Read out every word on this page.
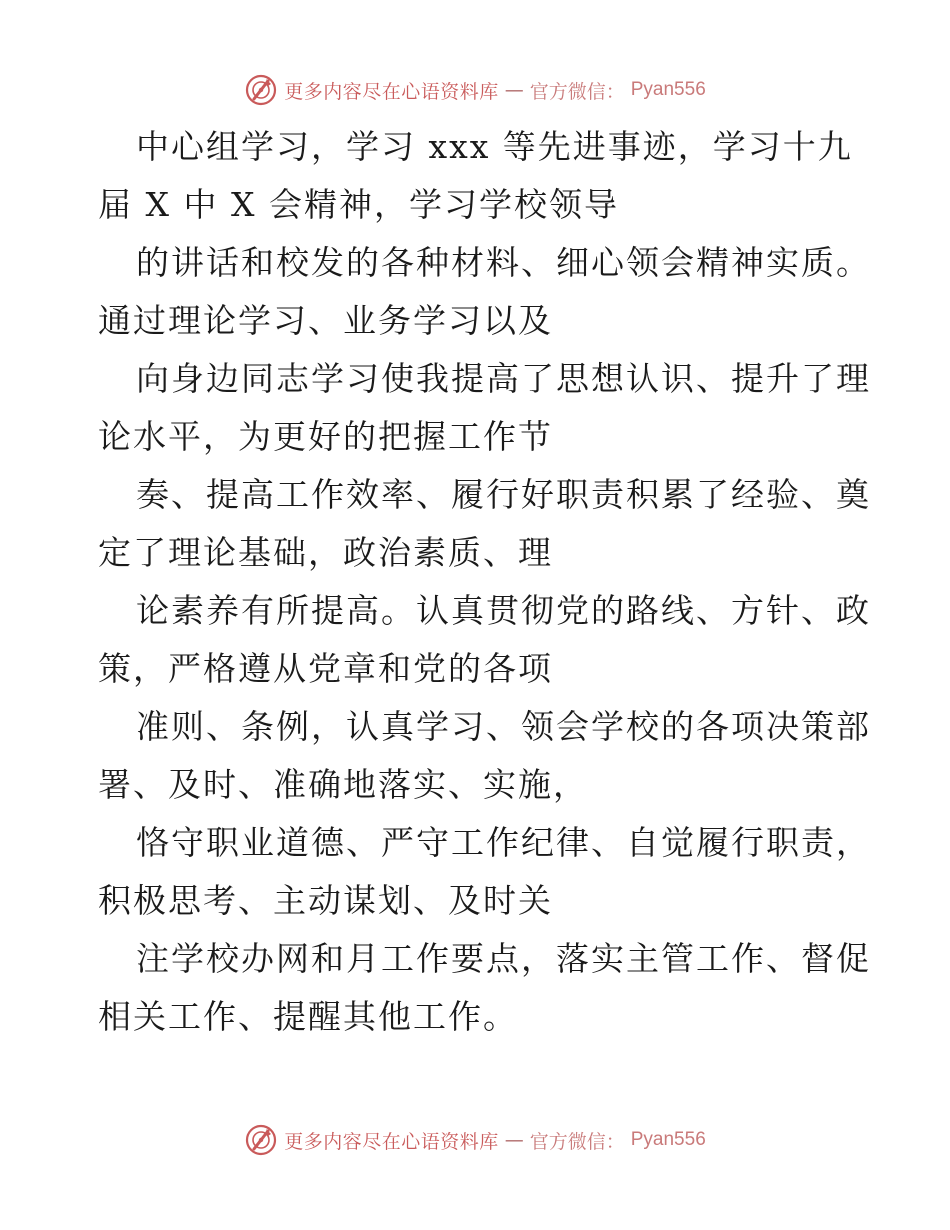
更多内容尽在心语资料库 — 官方微信： Pyan556
中心组学习，学习 xxx 等先进事迹，学习十九
届 X 中 X 会精神，学习学校领导
的讲话和校发的各种材料、细心领会精神实质。
通过理论学习、业务学习以及
向身边同志学习使我提高了思想认识、提升了理
论水平，为更好的把握工作节
奏、提高工作效率、履行好职责积累了经验、奠
定了理论基础，政治素质、理
论素养有所提高。认真贯彻党的路线、方针、政
策，严格遵从党章和党的各项
准则、条例，认真学习、领会学校的各项决策部
署、及时、准确地落实、实施，
恪守职业道德、严守工作纪律、自觉履行职责，
积极思考、主动谋划、及时关
注学校办网和月工作要点，落实主管工作、督促
相关工作、提醒其他工作。
更多内容尽在心语资料库 — 官方微信： Pyan556
